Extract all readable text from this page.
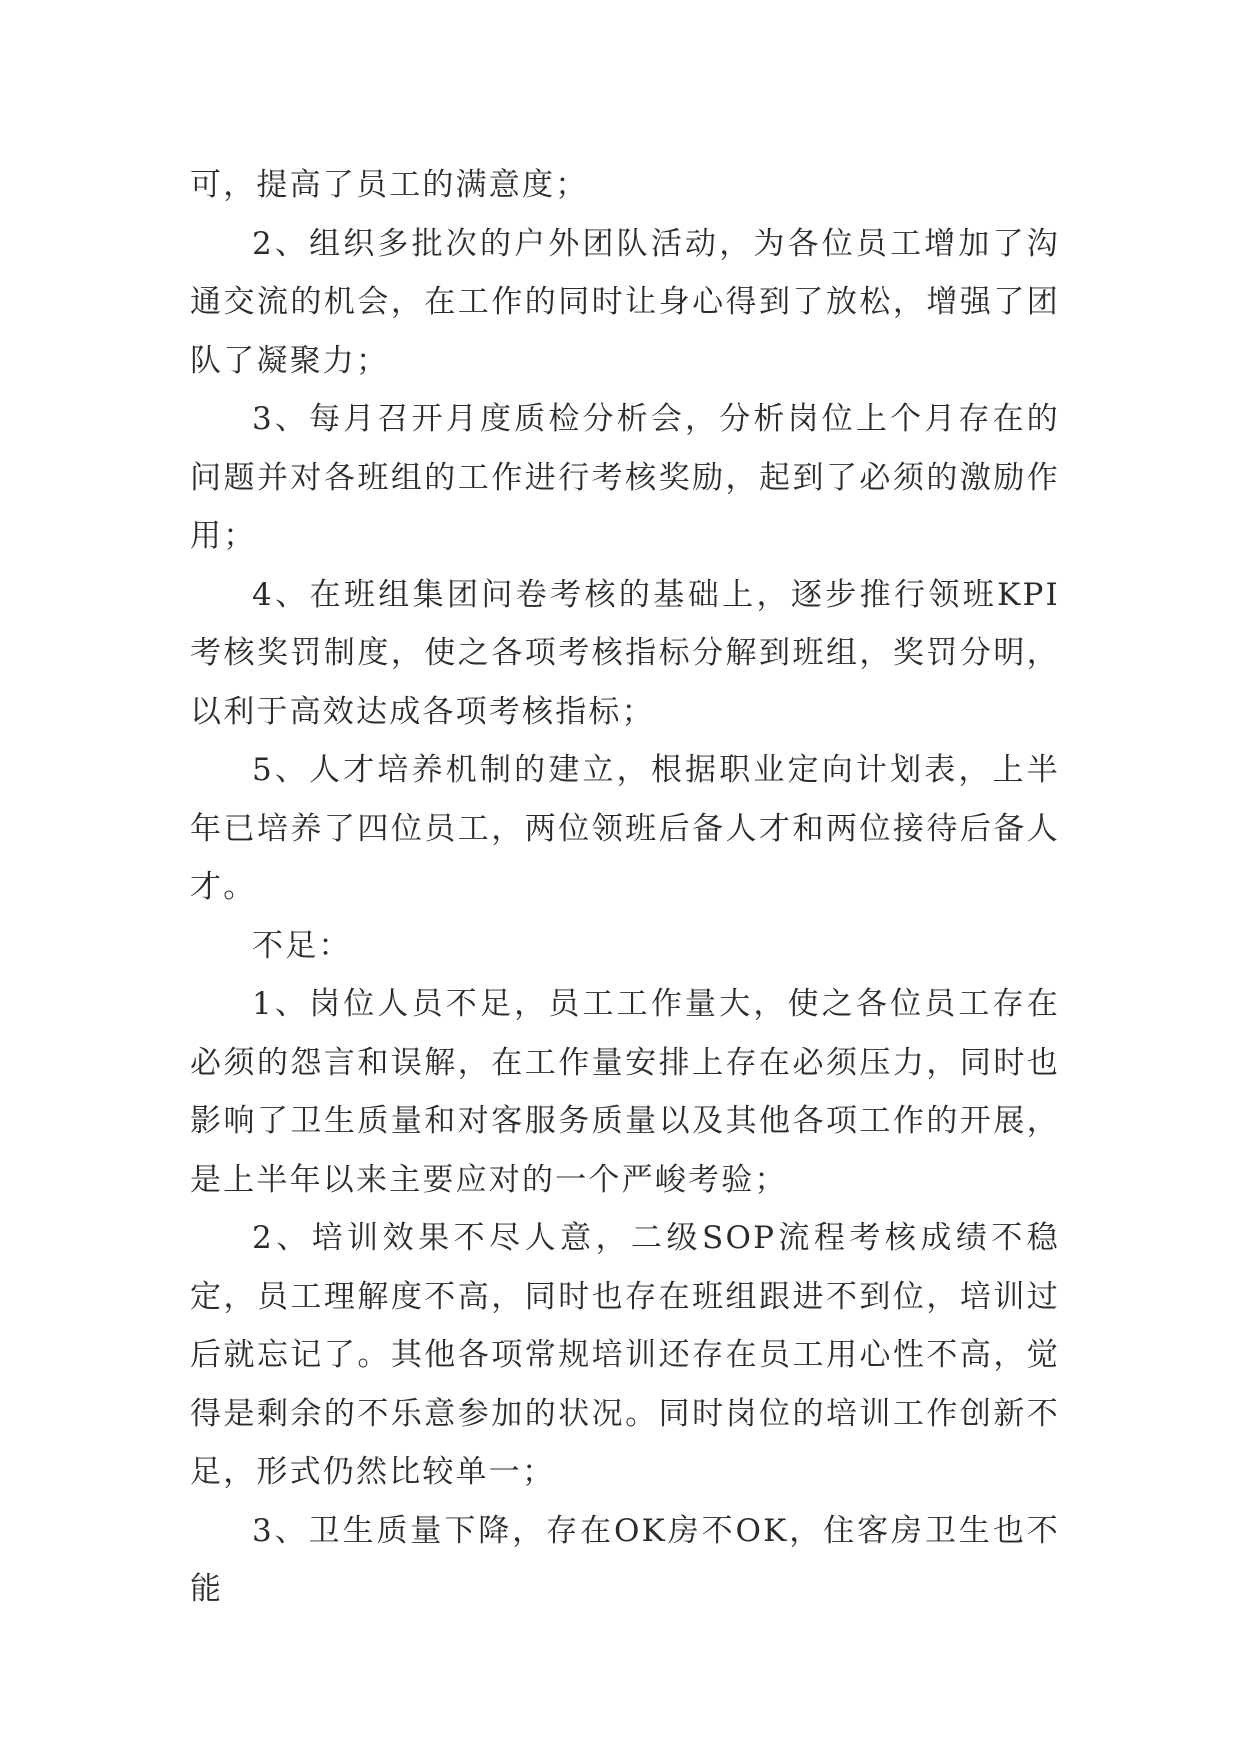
可，提高了员工的满意度；

2、组织多批次的户外团队活动，为各位员工增加了沟通交流的机会，在工作的同时让身心得到了放松，增强了团队了凝聚力；

3、每月召开月度质检分析会，分析岗位上个月存在的问题并对各班组的工作进行考核奖励，起到了必须的激励作用；

4、在班组集团问卷考核的基础上，逐步推行领班KPI考核奖罚制度，使之各项考核指标分解到班组，奖罚分明，以利于高效达成各项考核指标；

5、人才培养机制的建立，根据职业定向计划表，上半年已培养了四位员工，两位领班后备人才和两位接待后备人才。

不足：

1、岗位人员不足，员工工作量大，使之各位员工存在必须的怨言和误解，在工作量安排上存在必须压力，同时也影响了卫生质量和对客服务质量以及其他各项工作的开展，是上半年以来主要应对的一个严峻考验；

2、培训效果不尽人意，二级SOP流程考核成绩不稳定，员工理解度不高，同时也存在班组跟进不到位，培训过后就忘记了。其他各项常规培训还存在员工用心性不高，觉得是剩余的不乐意参加的状况。同时岗位的培训工作创新不足，形式仍然比较单一；

3、卫生质量下降，存在OK房不OK，住客房卫生也不能
